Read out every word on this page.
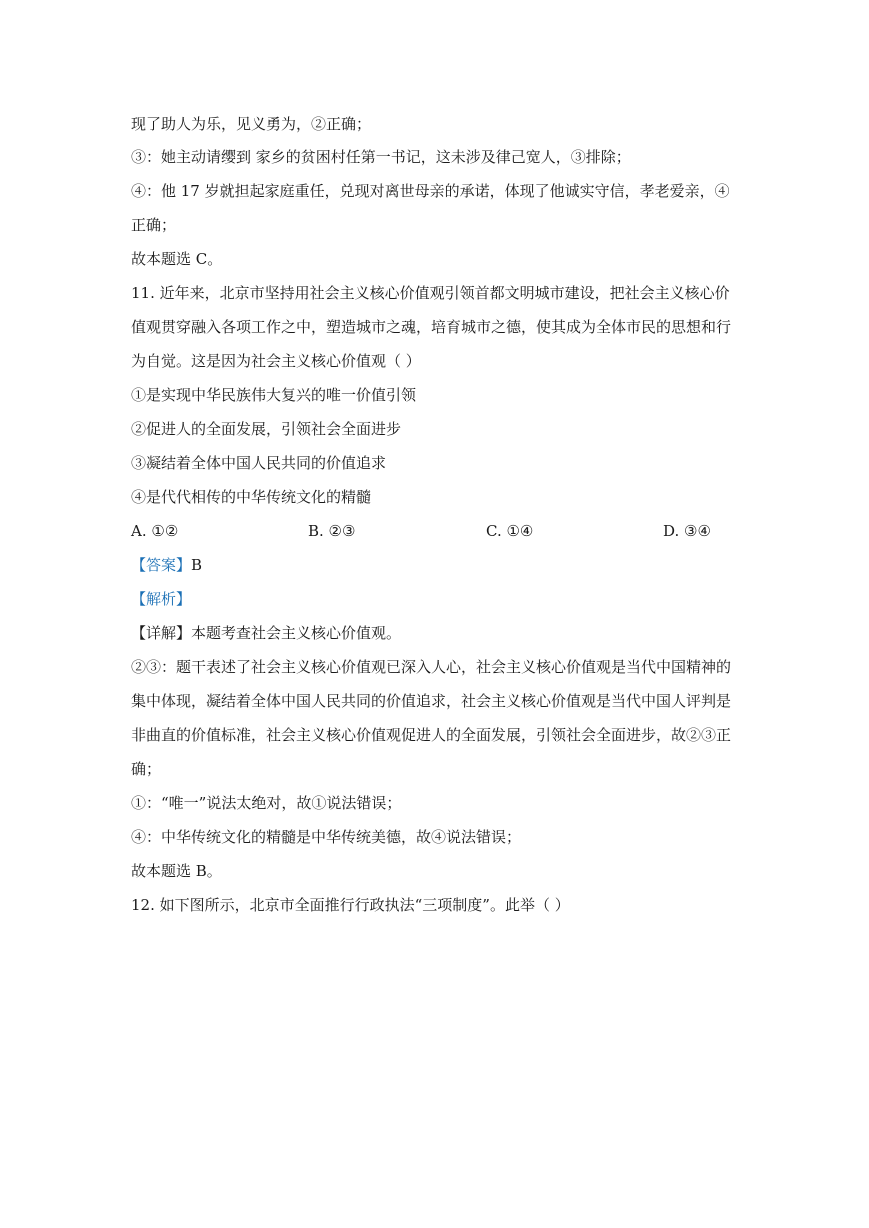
现了助人为乐，见义勇为，②正确；
③：她主动请缨到 家乡的贫困村任第一书记，这未涉及律己宽人，③排除；
④：他 17 岁就担起家庭重任，兑现对离世母亲的承诺，体现了他诚实守信，孝老爱亲，④
正确；
故本题选 C。
11. 近年来，北京市坚持用社会主义核心价值观引领首都文明城市建设，把社会主义核心价
值观贯穿融入各项工作之中，塑造城市之魂，培育城市之德，使其成为全体市民的思想和行
为自觉。这是因为社会主义核心价值观（ ）
①是实现中华民族伟大复兴的唯一价值引领
②促进人的全面发展，引领社会全面进步
③凝结着全体中国人民共同的价值追求
④是代代相传的中华传统文化的精髓
A. ①②	B. ②③	C. ①④	D. ③④
【答案】B
【解析】
【详解】本题考查社会主义核心价值观。
②③：题干表述了社会主义核心价值观已深入人心，社会主义核心价值观是当代中国精神的
集中体现，凝结着全体中国人民共同的价值追求，社会主义核心价值观是当代中国人评判是
非曲直的价值标准，社会主义核心价值观促进人的全面发展，引领社会全面进步，故②③正
确；
①：“唯一”说法太绝对，故①说法错误；
④：中华传统文化的精髓是中华传统美德，故④说法错误；
故本题选 B。
12. 如下图所示，北京市全面推行行政执法“三项制度”。此举（ ）
